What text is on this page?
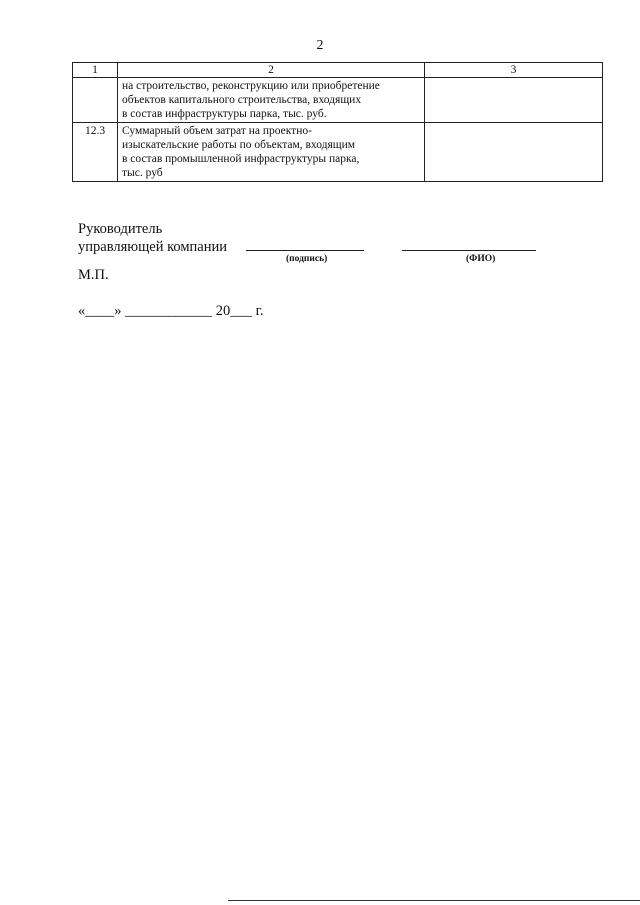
2
1	2	3

	на строительство, реконструкцию или приобретение
объектов капитального строительства, входящих
в состав инфраструктуры парка, тыс. руб.	

12.3	Суммарный объем затрат на проектно-
изыскательские работы по объектам, входящим
в состав промышленной инфраструктуры парка,
тыс. руб	

Руководитель
управляющей компании
(подпись)	(ФИО)
М.П.
«____» ____________ 20___ г.
